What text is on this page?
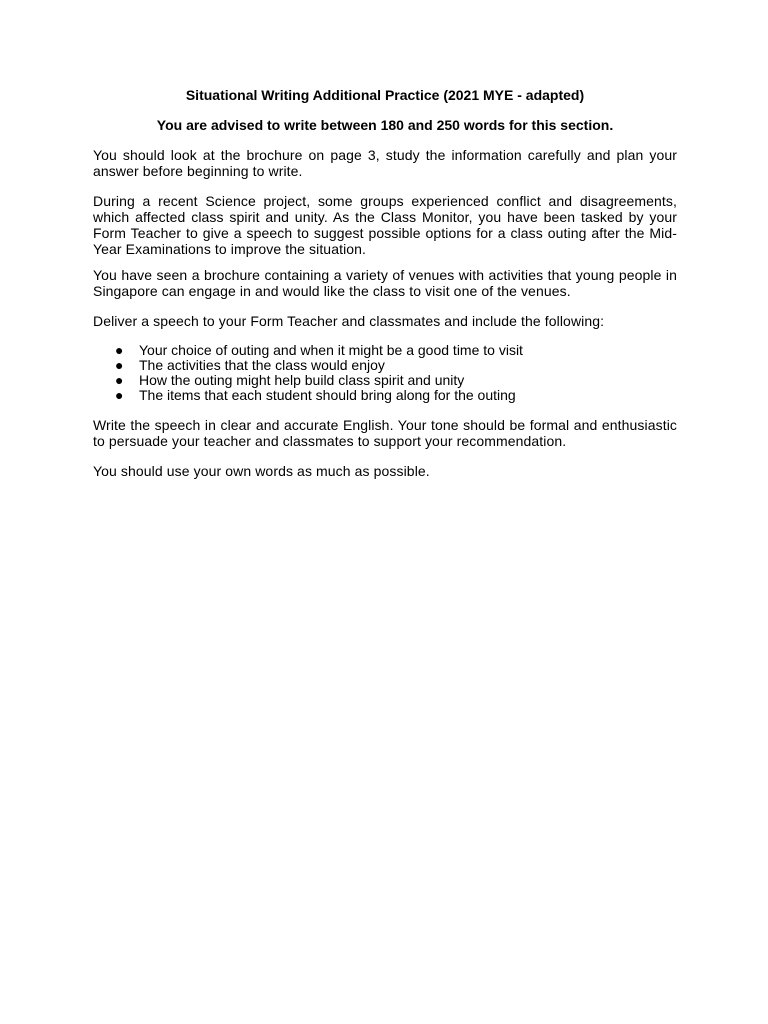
Situational Writing Additional Practice (2021 MYE - adapted)

You are advised to write between 180 and 250 words for this section.

You should look at the brochure on page 3, study the information carefully and plan your answer before beginning to write.

During a recent Science project, some groups experienced conflict and disagreements, which affected class spirit and unity. As the Class Monitor, you have been tasked by your Form Teacher to give a speech to suggest possible options for a class outing after the Mid-Year Examinations to improve the situation.

You have seen a brochure containing a variety of venues with activities that young people in Singapore can engage in and would like the class to visit one of the venues.

Deliver a speech to your Form Teacher and classmates and include the following:

● Your choice of outing and when it might be a good time to visit
● The activities that the class would enjoy
● How the outing might help build class spirit and unity
● The items that each student should bring along for the outing

Write the speech in clear and accurate English. Your tone should be formal and enthusiastic to persuade your teacher and classmates to support your recommendation.

You should use your own words as much as possible.
